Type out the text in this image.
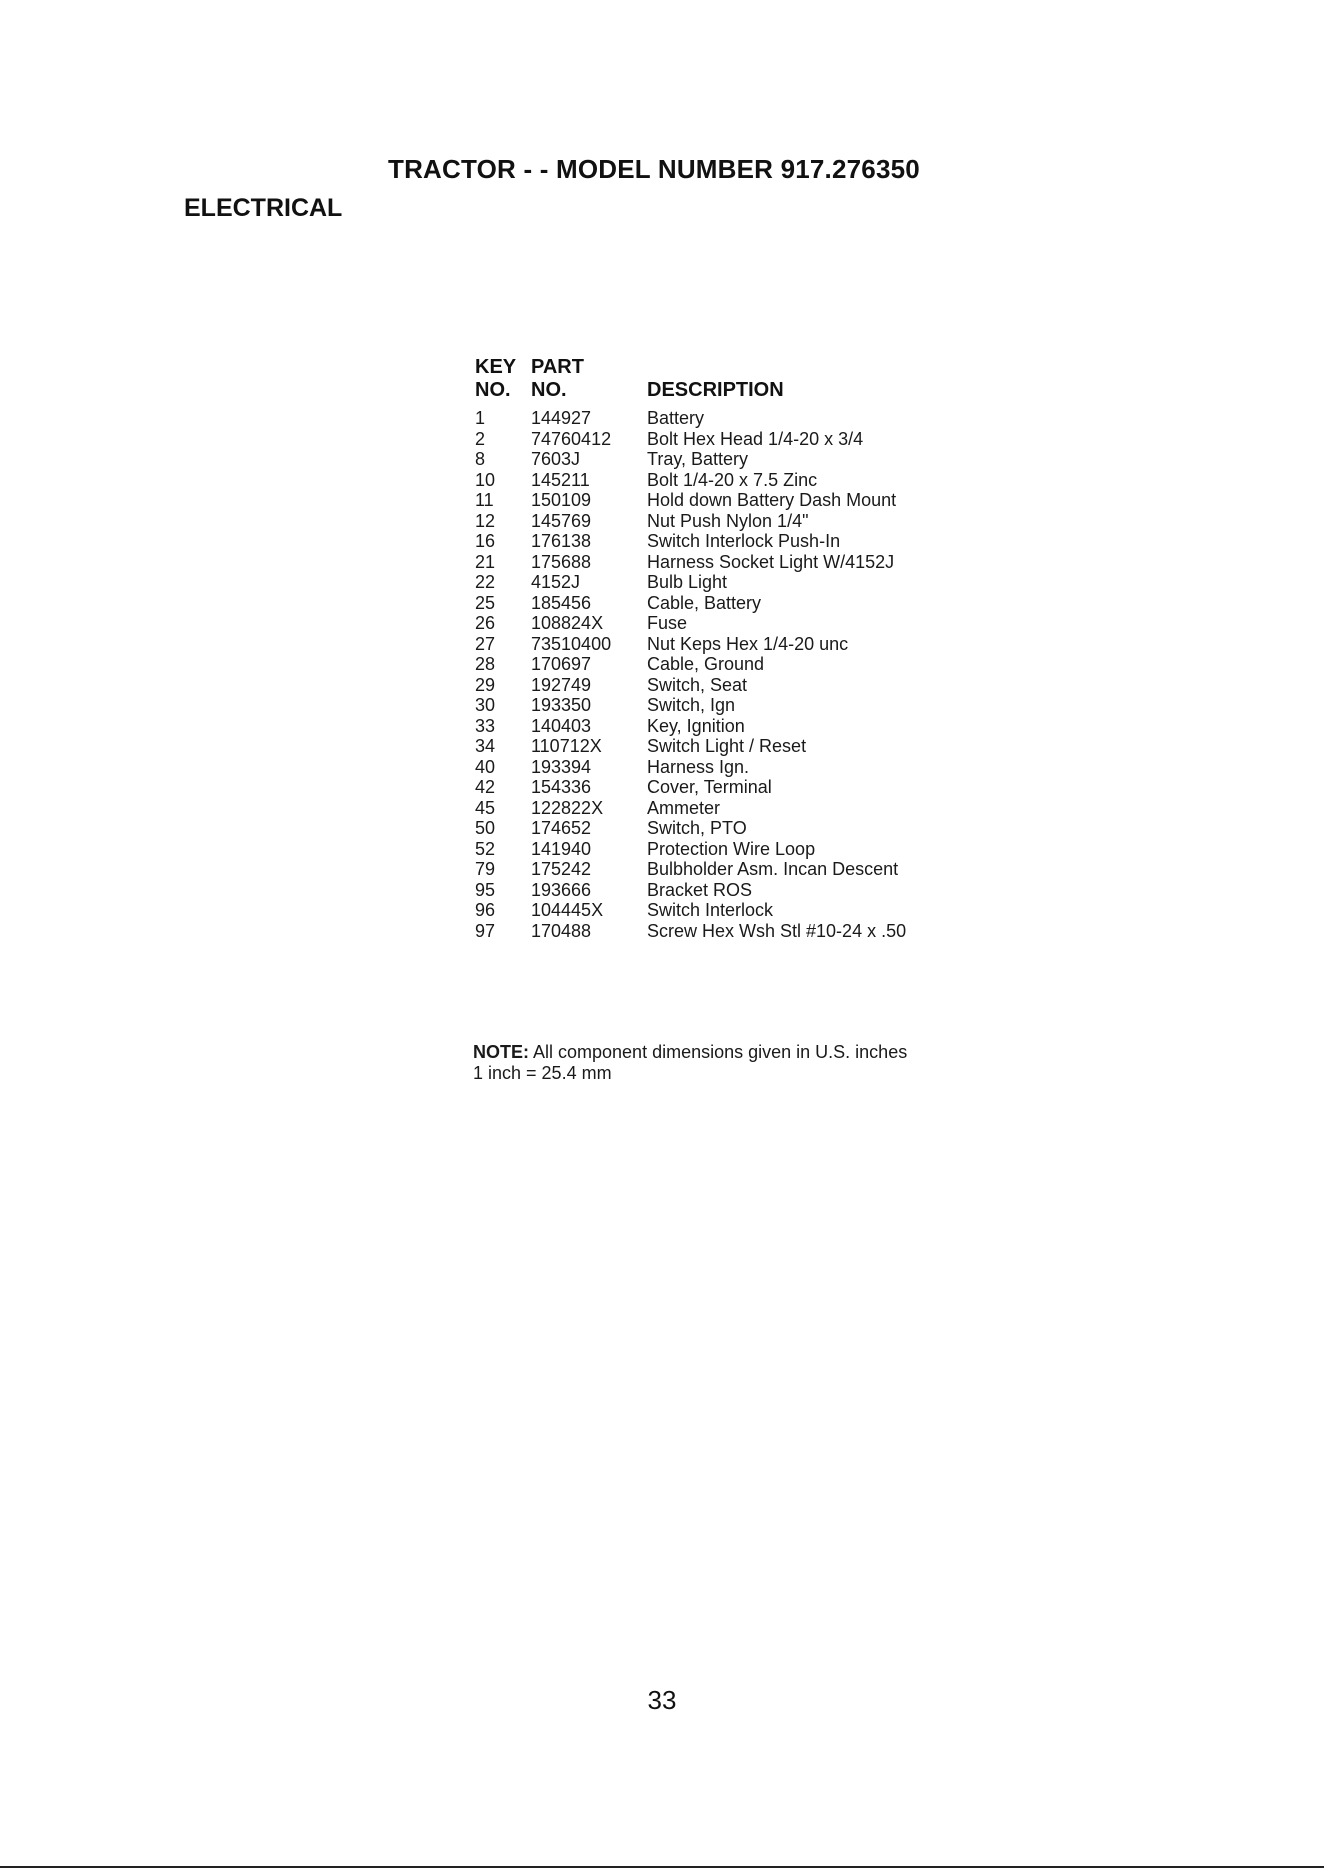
TRACTOR - - MODEL NUMBER 917.276350
ELECTRICAL
KEY PART
NO. NO.	DESCRIPTION
1	144927	Battery
2	74760412 Bolt Hex Head 1/4-20 x 3/4
8	7603J	Tray, Battery
10 145211	Bolt 1/4-20 x 7.5 Zinc
11 150109	Hold down Battery Dash Mount
12 145769	Nut Push Nylon 1/4"
16 176138	Switch Interlock Push-In
21 175688	Harness Socket Light W/4152J
22 4152J	Bulb Light
25 185456	Cable, Battery
26 108824X Fuse
27 73510400 Nut Keps Hex 1/4-20 unc
28 170697	Cable, Ground
29 192749	Switch, Seat
30 193350	Switch, Ign
33 140403	Key, Ignition
34 110712X	Switch Light / Reset
40 193394	Harness Ign.
42 154336	Cover, Terminal
45 122822X Ammeter
50 174652	Switch, PTO
52 141940	Protection Wire Loop
79 175242	Bulbholder Asm. Incan Descent
95 193666	Bracket ROS
96 104445X Switch Interlock
97 170488	Screw Hex Wsh Stl #10-24 x .50
NOTE: All component dimensions given in U.S. inches
1 inch = 25.4 mm
33
